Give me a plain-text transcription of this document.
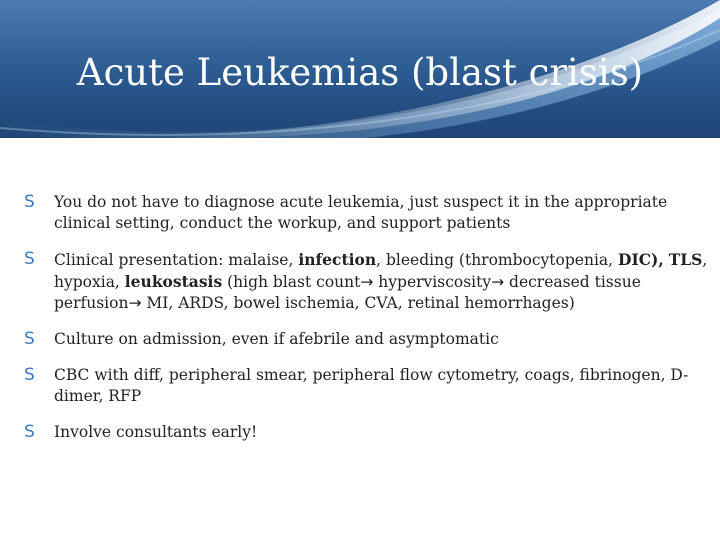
Acute Leukemias (blast crisis)
S You do not have to diagnose acute leukemia, just suspect it in the appropriate clinical setting, conduct the workup, and support patients
S Clinical presentation: malaise, infection, bleeding (thrombocytopenia, DIC), TLS, hypoxia, leukostasis (high blast count→ hyperviscosity→ decreased tissue perfusion→ MI, ARDS, bowel ischemia, CVA, retinal hemorrhages)
S Culture on admission, even if afebrile and asymptomatic
S CBC with diff, peripheral smear, peripheral flow cytometry, coags, fibrinogen, D-dimer, RFP
S Involve consultants early!
